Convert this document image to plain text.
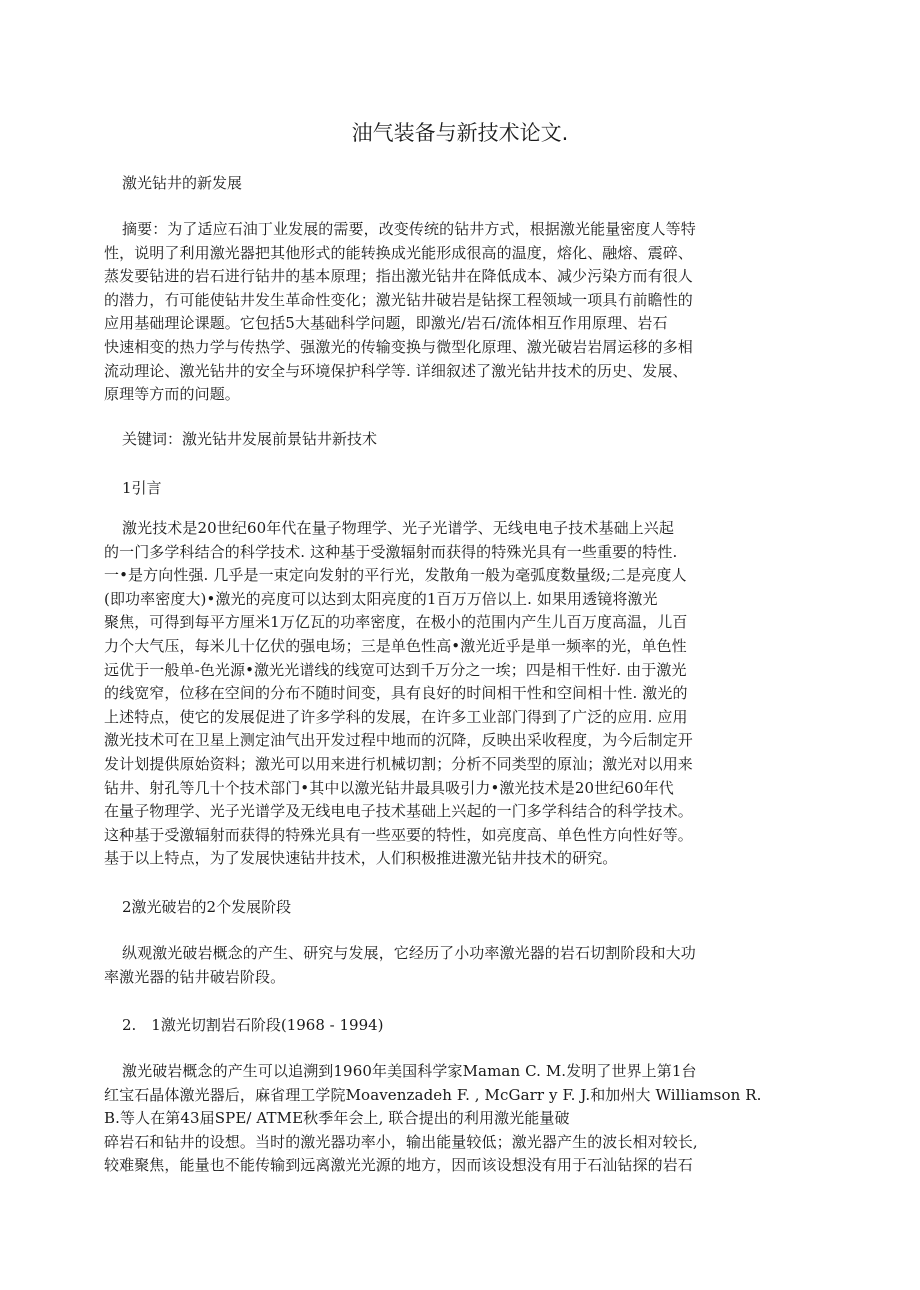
油气装备与新技术论文.

激光钻井的新发展

摘要：为了适应石油丁业发展的需要，改变传统的钻井方式，根据激光能量密度人等特
性，说明了利用激光器把其他形式的能转换成光能形成很高的温度，熔化、融熔、震碎、
蒸发要钻进的岩石进行钻井的基本原理；指出激光钻井在降低成本、减少污染方而有很人
的潜力，冇可能使钻井发生革命性变化；激光钻井破岩是钻探工程领域一项具冇前瞻性的
应用基础理论课题。它包括5大基础科学问题，即激光/岩石/流体相互作用原理、岩石
快速相变的热力学与传热学、强激光的传输变换与微型化原理、激光破岩岩屑运移的多相
流动理论、激光钻井的安全与环境保护科学等. 详细叙述了激光钻井技术的历史、发展、
原理等方而的问题。

关键词：激光钻井发展前景钻井新技术

1引言

激光技术是20世纪60年代在量子物理学、光子光谱学、无线电电子技术基础上兴起
的一门多学科结合的科学技术. 这种基于受激辐射而获得的特殊光具有一些重要的特性.
一•是方向性强. 几乎是一束定向发射的平行光，发散角一般为毫弧度数量级;二是亮度人
(即功率密度大)•激光的亮度可以达到太阳亮度的1百万万倍以上. 如果用透镜将激光
聚焦，可得到每平方厘米1万亿瓦的功率密度，在极小的范围内产生儿百万度高温，儿百
力个大气压，每米儿十亿伏的强电场；三是单色性高•激光近乎是単一频率的光，单色性
远优于一般单-色光源•激光光谱线的线宽可达到千万分之一埃；四是相干性好. 由于激光
的线宽窄，位移在空间的分布不随时间变，具有良好的时间相干性和空间相十性. 激光的
上述特点，使它的发展促进了许多学科的发展，在许多工业部门得到了广泛的应用. 应用
激光技术可在卫星上测定油气出开发过程中地而的沉降，反映出采收程度，为今后制定开
发计划提供原始资料；激光可以用来进行机械切割；分析不同类型的原汕；激光对以用来
钻井、射孔等几十个技术部门•其中以激光钻井最具吸引力•激光技术是20世纪60年代
在量子物理学、光子光谱学及无线电电子技术基础上兴起的一门多学科结合的科学技术。
这种基于受激辐射而获得的特殊光具有一些巫要的特性，如亮度高、单色性方向性好等。
基于以上特点，为了发展快速钻井技术，人们积极推进激光钻井技术的研究。

2激光破岩的2个发展阶段

纵观激光破岩概念的产生、研究与发展，它经历了小功率激光器的岩石切割阶段和大功
率激光器的钻井破岩阶段。

2.　1激光切割岩石阶段(1968 - 1994)

激光破岩概念的产生可以追溯到1960年美国科学家Maman C. M.发明了世界上第1台
红宝石晶体激光器后，麻省理工学院Moavenzadeh F. , McGarr y F. J.和加州大 Williamson R.
B.等人在第43届SPE/ ATME秋季年会上, 联合提出的利用激光能量破
碎岩石和钻井的设想。当时的激光器功率小，输出能量较低；激光器产生的波长相对较长,
较难聚焦，能量也不能传输到远离激光光源的地方，因而该设想没有用于石汕钻探的岩石
